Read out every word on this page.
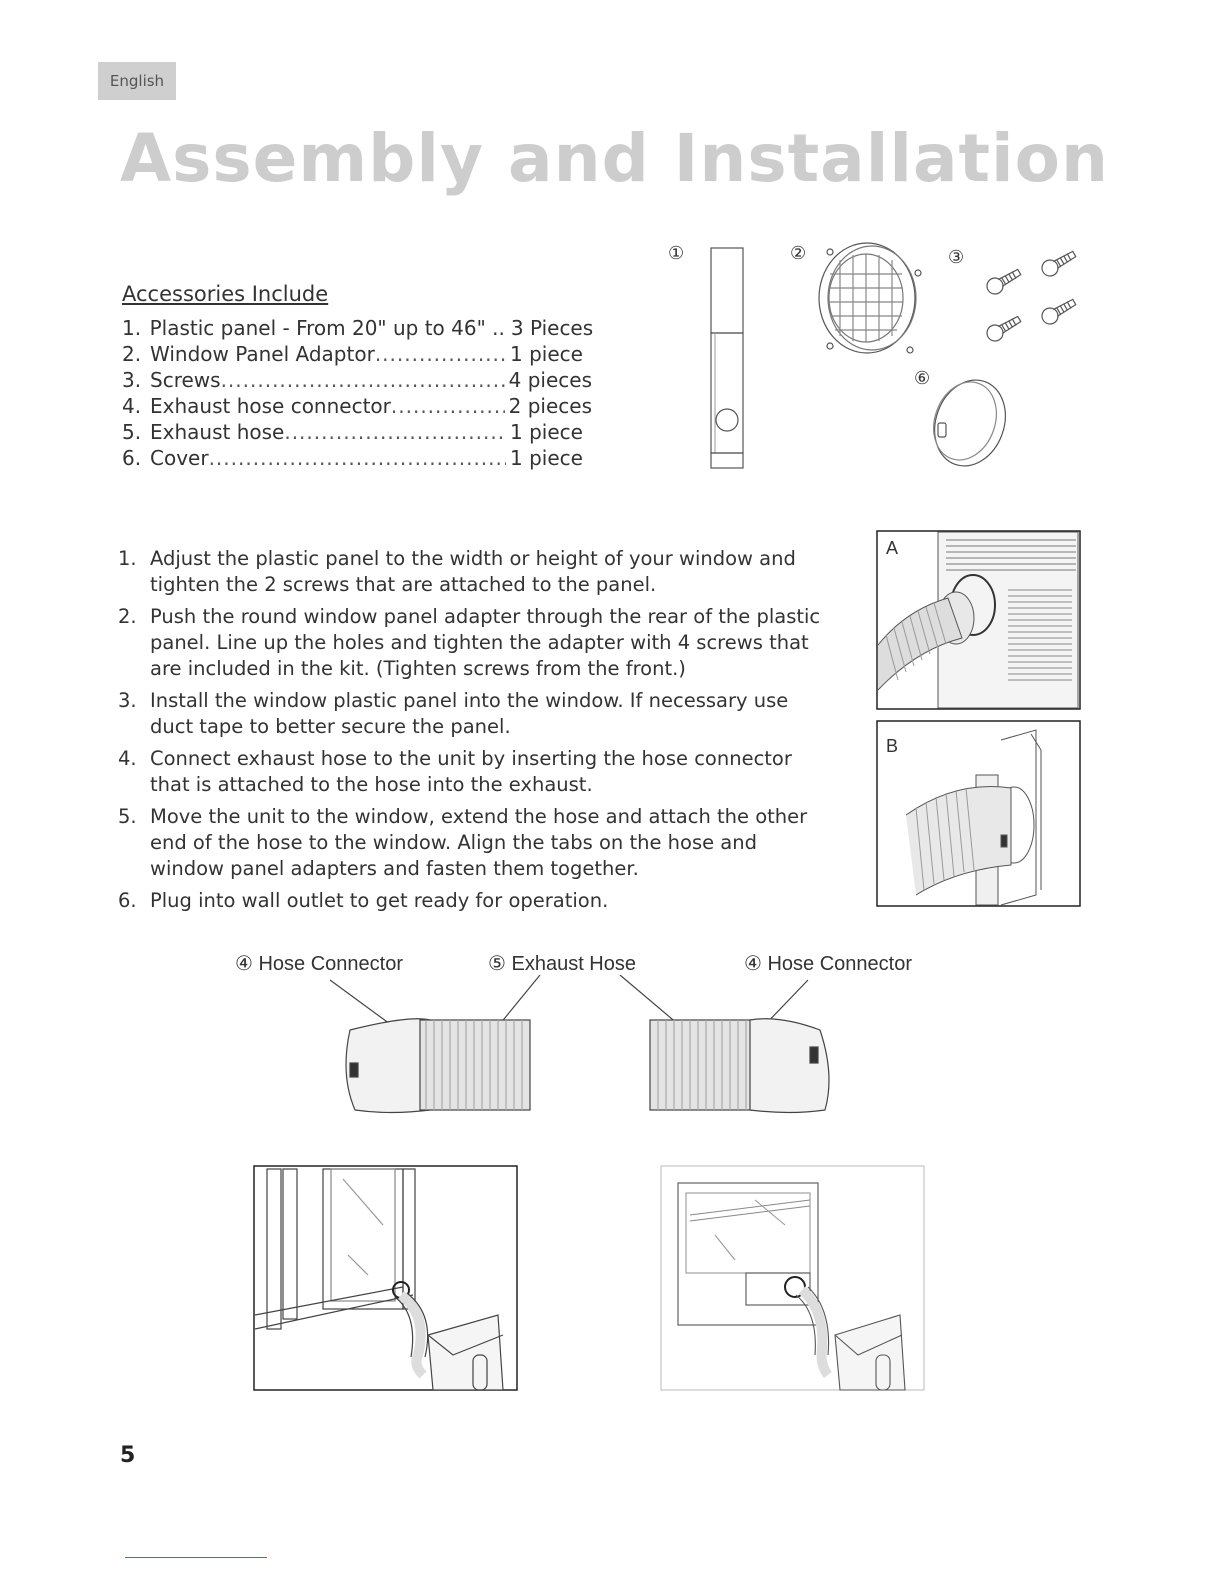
English
Assembly and Installation
Accessories Include
1. Plastic panel - From 20" up to 46" .. 3 Pieces
2. Window Panel Adaptor .....	1 piece
3. Screws .....	4 pieces
4. Exhaust hose connector .....	2 pieces
5. Exhaust hose .....	1 piece
6. Cover .....	1 piece
①	②	③
⑥
1. Adjust the plastic panel to the width or height of your window and tighten the 2 screws that are attached to the panel.
2. Push the round window panel adapter through the rear of the plastic panel. Line up the holes and tighten the adapter with 4 screws that are included in the kit. (Tighten screws from the front.)
3. Install the window plastic panel into the window. If necessary use duct tape to better secure the panel.
4. Connect exhaust hose to the unit by inserting the hose connector that is attached to the hose into the exhaust.
5. Move the unit to the window, extend the hose and attach the other end of the hose to the window. Align the tabs on the hose and window panel adapters and fasten them together.
6. Plug into wall outlet to get ready for operation.
A
B
④ Hose Connector	⑤ Exhaust Hose	④ Hose Connector
5
